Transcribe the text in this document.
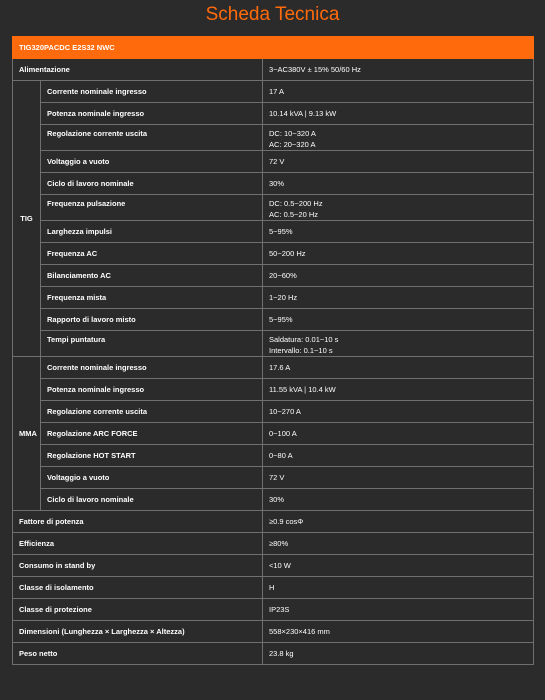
Scheda Tecnica
TIG320PACDC E2S32 NWC		
Alimentazione		3~AC380V ± 15% 50/60 Hz
TIG	Corrente nominale ingresso	17 A

	Potenza nominale ingresso	10.14 kVA | 9.13 kW

	Regolazione corrente uscita	DC: 10~320 A
AC: 20~320 A

	Voltaggio a vuoto	72 V

	Ciclo di lavoro nominale	30%

	Frequenza pulsazione	DC: 0.5~200 Hz
AC: 0.5~20 Hz

	Larghezza impulsi	5~95%

	Frequenza AC	50~200 Hz

	Bilanciamento AC	20~60%

	Frequenza mista	1~20 Hz

	Rapporto di lavoro misto	5~95%

	Tempi puntatura	Saldatura: 0.01~10 s
Intervallo: 0.1~10 s

MMA	Corrente nominale ingresso	17.6 A

	Potenza nominale ingresso	11.55 kVA | 10.4 kW

	Regolazione corrente uscita	10~270 A

	Regolazione ARC FORCE	0~100 A

	Regolazione HOT START	0~80 A

	Voltaggio a vuoto	72 V

	Ciclo di lavoro nominale	30%

Fattore di potenza		≥0.9 cosΦ
Efficienza		≥80%
Consumo in stand by		<10 W
Classe di isolamento		H
Classe di protezione		IP23S
Dimensioni (Lunghezza × Larghezza × Altezza)		558×230×416 mm
Peso netto		23.8 kg
